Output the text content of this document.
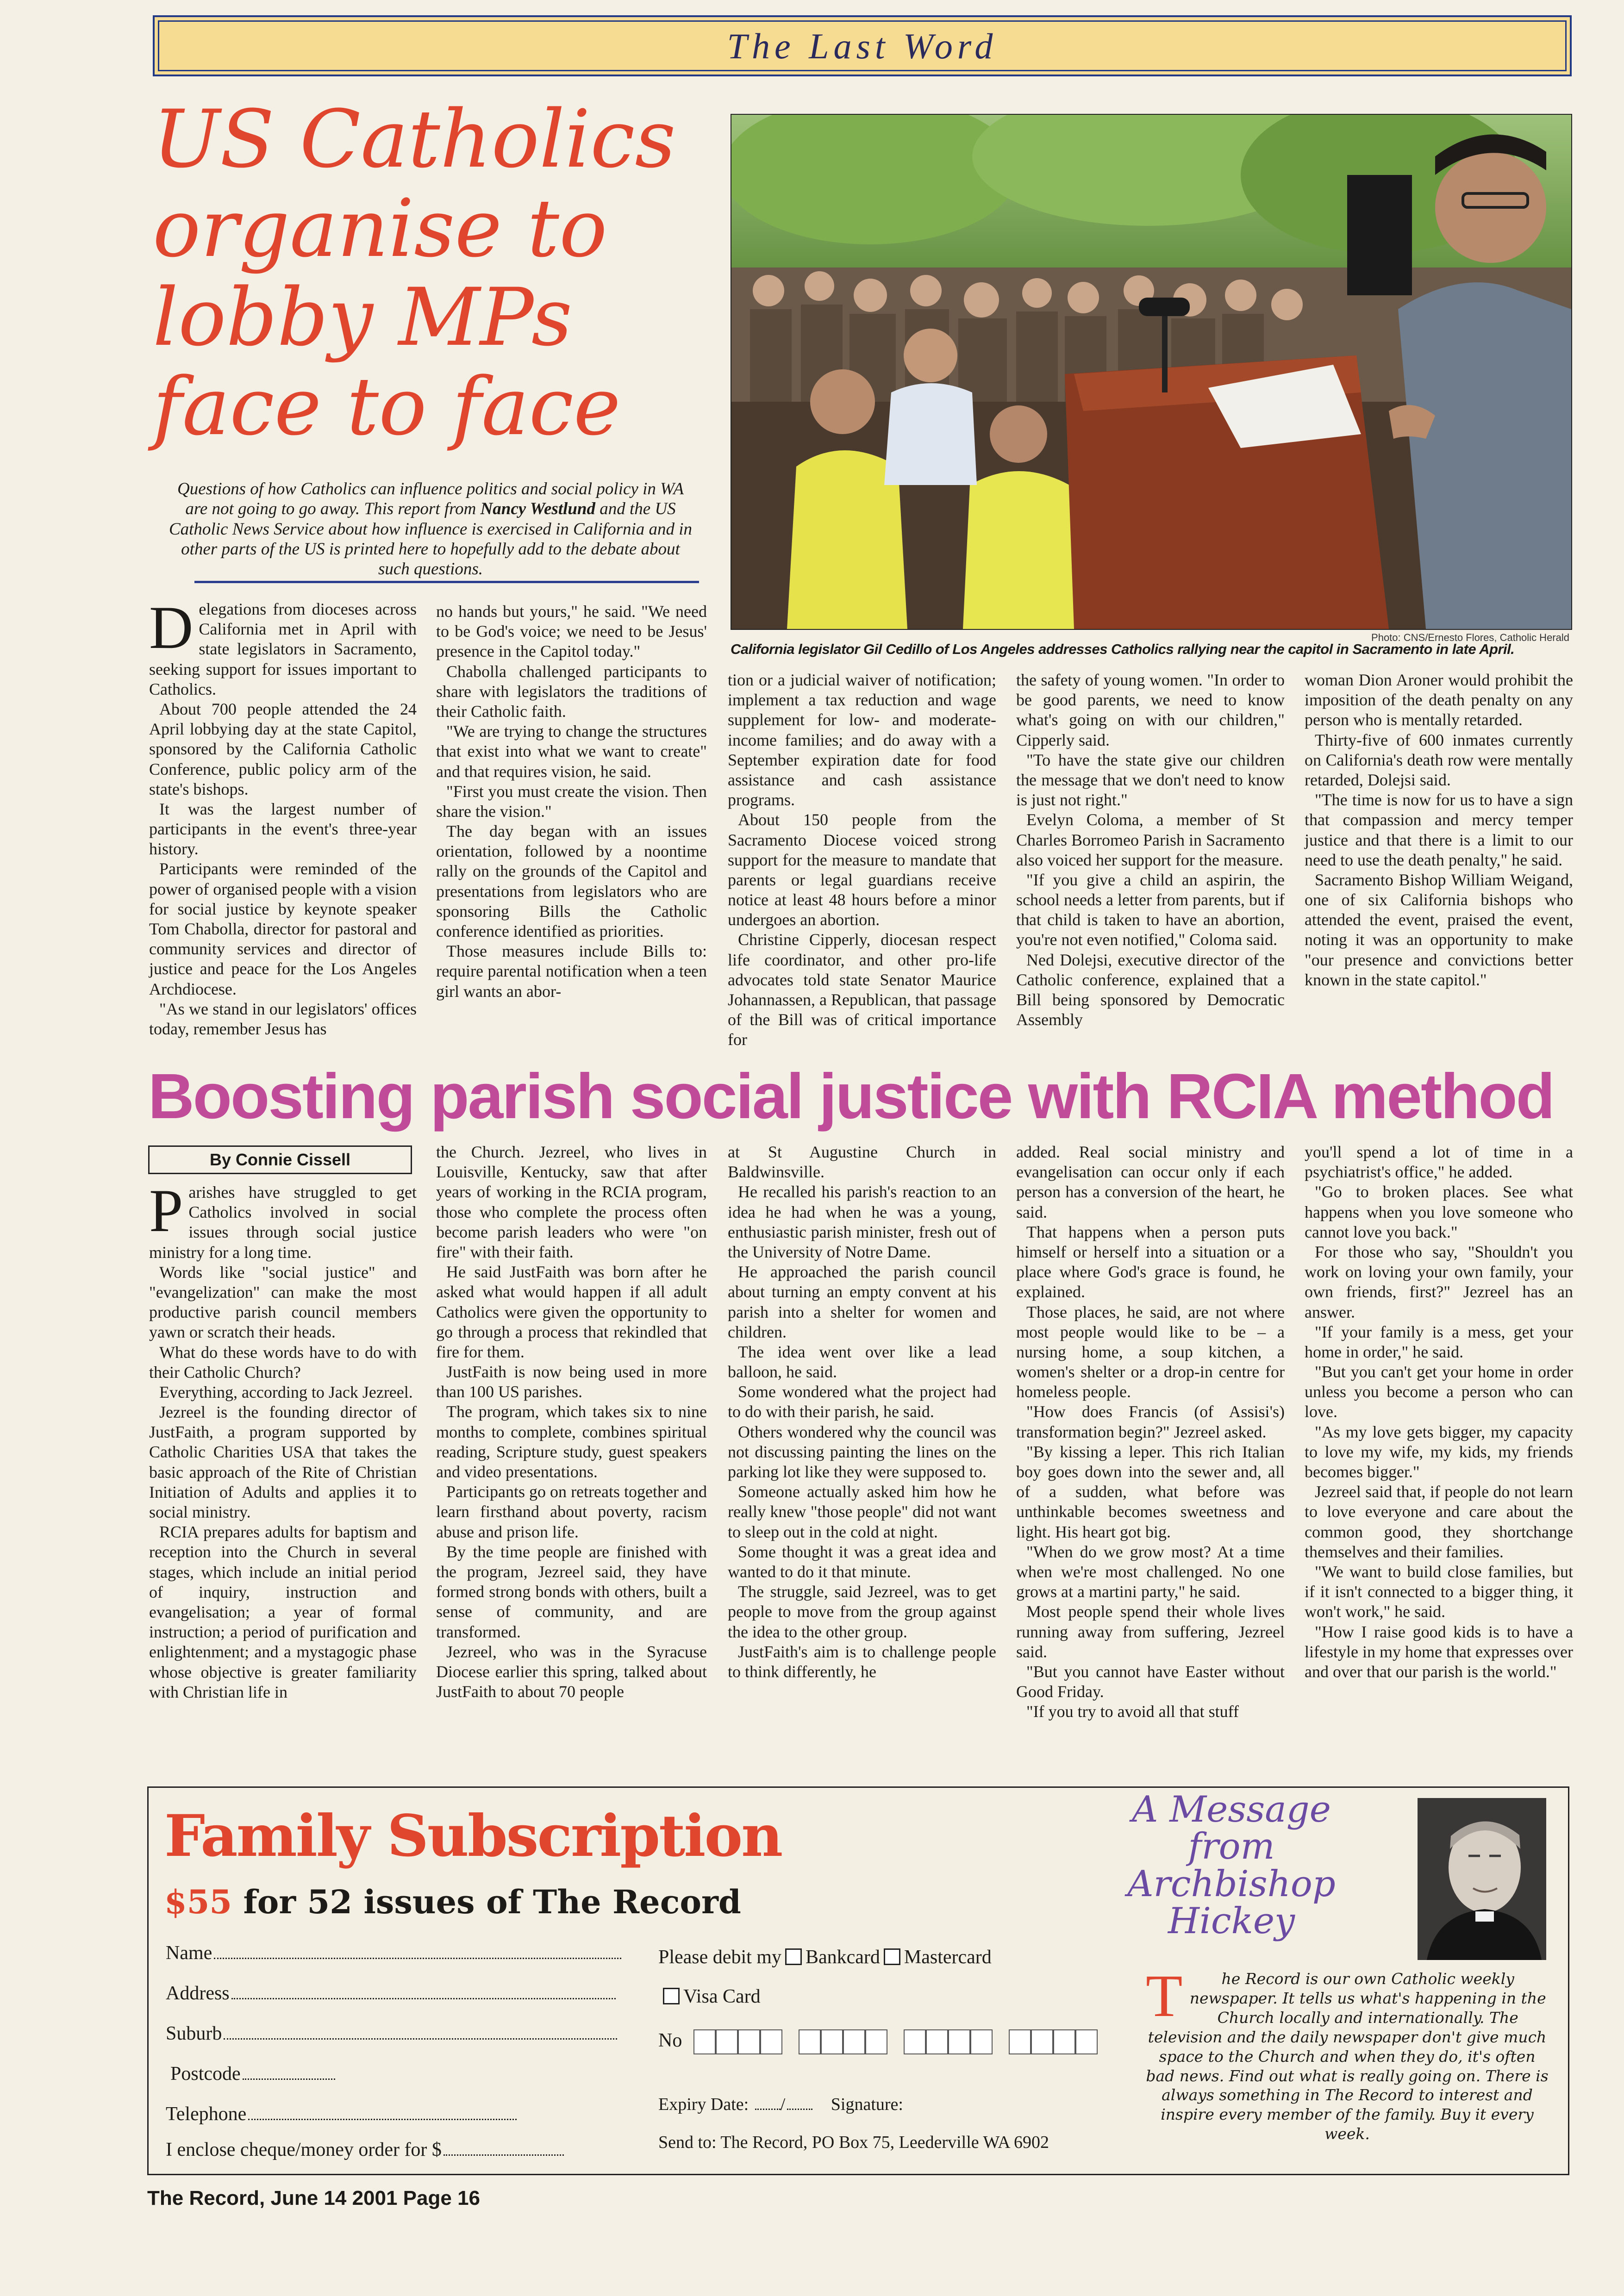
The Last Word
US Catholics
organise to
lobby MPs
face to face
Questions of how Catholics can influence politics and social policy in WA are not going to go away. This report from Nancy Westlund and the US Catholic News Service about how influence is exercised in California and in other parts of the US is printed here to hopefully add to the debate about such questions.
Photo: CNS/Ernesto Flores, Catholic Herald
California legislator Gil Cedillo of Los Angeles addresses Catholics rallying near the capitol in Sacramento in late April.

Delegations from dioceses across California met in April with state legislators in Sacramento, seeking support for issues important to Catholics.

About 700 people attended the 24 April lobbying day at the state Capitol, sponsored by the California Catholic Conference, public policy arm of the state's bishops.

It was the largest number of participants in the event's three-year history.

Participants were reminded of the power of organised people with a vision for social justice by keynote speaker Tom Chabolla, director for pastoral and community services and director of justice and peace for the Los Angeles Archdiocese.

"As we stand in our legislators' offices today, remember Jesus has

no hands but yours," he said. "We need to be God's voice; we need to be Jesus' presence in the Capitol today."

Chabolla challenged participants to share with legislators the traditions of their Catholic faith.

"We are trying to change the structures that exist into what we want to create" and that requires vision, he said.

"First you must create the vision. Then share the vision."

The day began with an issues orientation, followed by a noontime rally on the grounds of the Capitol and presentations from legislators who are sponsoring Bills the Catholic conference identified as priorities.

Those measures include Bills to: require parental notification when a teen girl wants an abor-

tion or a judicial waiver of notification; implement a tax reduction and wage supplement for low- and moderate- income families; and do away with a September expiration date for food assistance and cash assistance programs.

About 150 people from the Sacramento Diocese voiced strong support for the measure to mandate that parents or legal guardians receive notice at least 48 hours before a minor undergoes an abortion.

Christine Cipperly, diocesan respect life coordinator, and other pro-life advocates told state Senator Maurice Johannassen, a Republican, that passage of the Bill was of critical importance for

the safety of young women. "In order to be good parents, we need to know what's going on with our children," Cipperly said.

"To have the state give our children the message that we don't need to know is just not right."

Evelyn Coloma, a member of St Charles Borromeo Parish in Sacramento also voiced her support for the measure.

"If you give a child an aspirin, the school needs a letter from parents, but if that child is taken to have an abortion, you're not even notified," Coloma said.

Ned Dolejsi, executive director of the Catholic conference, explained that a Bill being sponsored by Democratic Assembly

woman Dion Aroner would prohibit the imposition of the death penalty on any person who is mentally retarded.

Thirty-five of 600 inmates currently on California's death row were mentally retarded, Dolejsi said.

"The time is now for us to have a sign that compassion and mercy temper justice and that there is a limit to our need to use the death penalty," he said.

Sacramento Bishop William Weigand, one of six California bishops who attended the event, praised the event, noting it was an opportunity to make "our presence and convictions better known in the state capitol."

Boosting parish social justice with RCIA method
By Connie Cissell

Parishes have struggled to get Catholics involved in social issues through social justice ministry for a long time.

Words like "social justice" and "evangelization" can make the most productive parish council members yawn or scratch their heads.

What do these words have to do with their Catholic Church?

Everything, according to Jack Jezreel.

Jezreel is the founding director of JustFaith, a program supported by Catholic Charities USA that takes the basic approach of the Rite of Christian Initiation of Adults and applies it to social ministry.

RCIA prepares adults for baptism and reception into the Church in several stages, which include an initial period of inquiry, instruction and evangelisation; a year of formal instruction; a period of purification and enlightenment; and a mystagogic phase whose objective is greater familiarity with Christian life in

the Church. Jezreel, who lives in Louisville, Kentucky, saw that after years of working in the RCIA program, those who complete the process often become parish leaders who were "on fire" with their faith.

He said JustFaith was born after he asked what would happen if all adult Catholics were given the opportunity to go through a process that rekindled that fire for them.

JustFaith is now being used in more than 100 US parishes.

The program, which takes six to nine months to complete, combines spiritual reading, Scripture study, guest speakers and video presentations.

Participants go on retreats together and learn firsthand about poverty, racism abuse and prison life.

By the time people are finished with the program, Jezreel said, they have formed strong bonds with others, built a sense of community, and are transformed.

Jezreel, who was in the Syracuse Diocese earlier this spring, talked about JustFaith to about 70 people

at St Augustine Church in Baldwinsville.

He recalled his parish's reaction to an idea he had when he was a young, enthusiastic parish minister, fresh out of the University of Notre Dame.

He approached the parish council about turning an empty convent at his parish into a shelter for women and children.

The idea went over like a lead balloon, he said.

Some wondered what the project had to do with their parish, he said.

Others wondered why the council was not discussing painting the lines on the parking lot like they were supposed to.

Someone actually asked him how he really knew "those people" did not want to sleep out in the cold at night.

Some thought it was a great idea and wanted to do it that minute.

The struggle, said Jezreel, was to get people to move from the group against the idea to the other group.

JustFaith's aim is to challenge people to think differently, he

added. Real social ministry and evangelisation can occur only if each person has a conversion of the heart, he said.

That happens when a person puts himself or herself into a situation or a place where God's grace is found, he explained.

Those places, he said, are not where most people would like to be – a nursing home, a soup kitchen, a women's shelter or a drop-in centre for homeless people.

"How does Francis (of Assisi's) transformation begin?" Jezreel asked.

"By kissing a leper. This rich Italian boy goes down into the sewer and, all of a sudden, what before was unthinkable becomes sweetness and light. His heart got big.

"When do we grow most? At a time when we're most challenged. No one grows at a martini party," he said.

Most people spend their whole lives running away from suffering, Jezreel said.

"But you cannot have Easter without Good Friday.

"If you try to avoid all that stuff

you'll spend a lot of time in a psychiatrist's office," he added.

"Go to broken places. See what happens when you love someone who cannot love you back."

For those who say, "Shouldn't you work on loving your own family, your own friends, first?" Jezreel has an answer.

"If your family is a mess, get your home in order," he said.

"But you can't get your home in order unless you become a person who can love.

"As my love gets bigger, my capacity to love my wife, my kids, my friends becomes bigger."

Jezreel said that, if people do not learn to love everyone and care about the common good, they shortchange themselves and their families.

"We want to build close families, but if it isn't connected to a bigger thing, it won't work," he said.

"How I raise good kids is to have a lifestyle in my home that expresses over and over that our parish is the world."

Family Subscription
$55 for 52 issues of The Record
Name
Address
Suburb
Postcode
Telephone
I enclose cheque/money order for $
Please debit my Bankcard Mastercard
Visa Card
No
Expiry Date: /	Signature:
Send to: The Record, PO Box 75, Leederville WA 6902
A Message
from
Archbishop
Hickey
T	he Record is our own Catholic weekly newspaper. It tells us what's happening in the Church locally and internationally. The television and the daily newspaper don't give much space to the Church and when they do, it's often bad news. Find out what is really going on. There is always something in The Record to interest and inspire every member of the family. Buy it every week.
The Record, June 14 2001 Page 16
